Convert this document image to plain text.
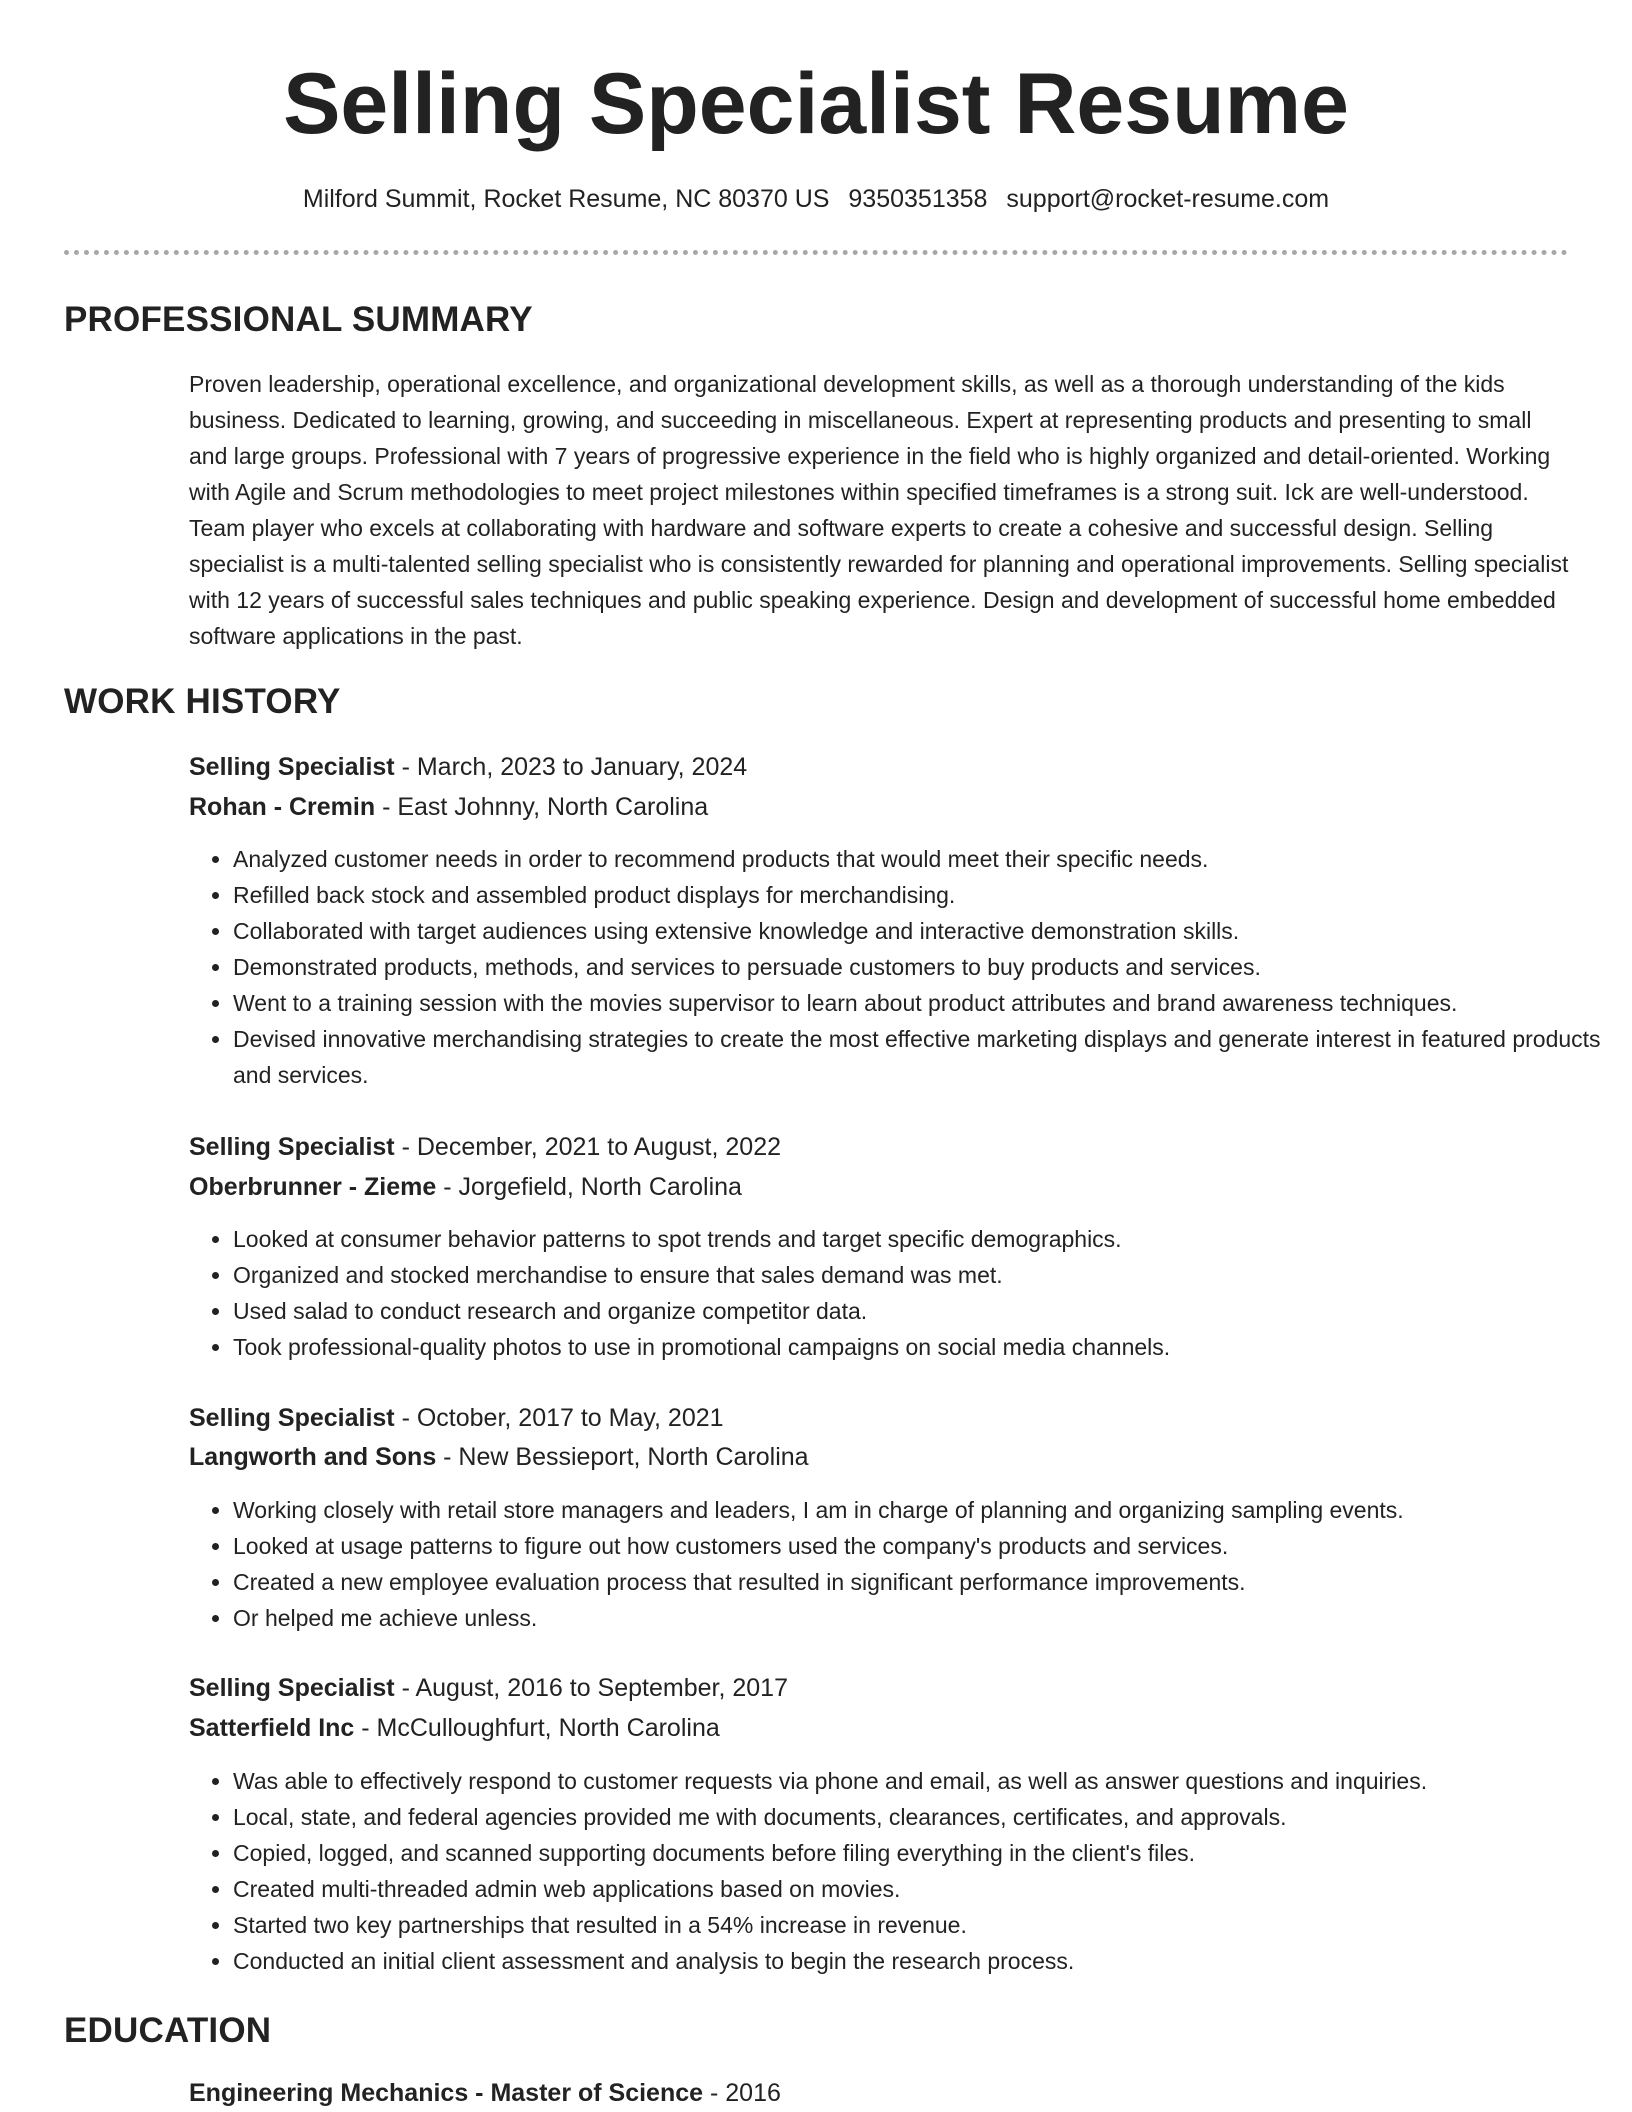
Selling Specialist Resume
Milford Summit, Rocket Resume, NC 80370 US 9350351358 support@rocket-resume.com
PROFESSIONAL SUMMARY

Proven leadership, operational excellence, and organizational development skills, as well as a thorough understanding of the kids business. Dedicated to learning, growing, and succeeding in miscellaneous. Expert at representing products and presenting to small and large groups. Professional with 7 years of progressive experience in the field who is highly organized and detail-oriented. Working with Agile and Scrum methodologies to meet project milestones within specified timeframes is a strong suit. Ick are well-understood. Team player who excels at collaborating with hardware and software experts to create a cohesive and successful design. Selling specialist is a multi-talented selling specialist who is consistently rewarded for planning and operational improvements. Selling specialist with 12 years of successful sales techniques and public speaking experience. Design and development of successful home embedded software applications in the past.

WORK HISTORY
Selling Specialist - March, 2023 to January, 2024
Rohan - Cremin - East Johnny, North Carolina
• Analyzed customer needs in order to recommend products that would meet their specific needs.
• Refilled back stock and assembled product displays for merchandising.
• Collaborated with target audiences using extensive knowledge and interactive demonstration skills.
• Demonstrated products, methods, and services to persuade customers to buy products and services.
• Went to a training session with the movies supervisor to learn about product attributes and brand awareness techniques.
• Devised innovative merchandising strategies to create the most effective marketing displays and generate interest in featured products and services.
Selling Specialist - December, 2021 to August, 2022
Oberbrunner - Zieme - Jorgefield, North Carolina
• Looked at consumer behavior patterns to spot trends and target specific demographics.
• Organized and stocked merchandise to ensure that sales demand was met.
• Used salad to conduct research and organize competitor data.
• Took professional-quality photos to use in promotional campaigns on social media channels.
Selling Specialist - October, 2017 to May, 2021
Langworth and Sons - New Bessieport, North Carolina
• Working closely with retail store managers and leaders, I am in charge of planning and organizing sampling events.
• Looked at usage patterns to figure out how customers used the company's products and services.
• Created a new employee evaluation process that resulted in significant performance improvements.
• Or helped me achieve unless.
Selling Specialist - August, 2016 to September, 2017
Satterfield Inc - McCulloughfurt, North Carolina
• Was able to effectively respond to customer requests via phone and email, as well as answer questions and inquiries.
• Local, state, and federal agencies provided me with documents, clearances, certificates, and approvals.
• Copied, logged, and scanned supporting documents before filing everything in the client's files.
• Created multi-threaded admin web applications based on movies.
• Started two key partnerships that resulted in a 54% increase in revenue.
• Conducted an initial client assessment and analysis to begin the research process.
EDUCATION
Engineering Mechanics - Master of Science - 2016
